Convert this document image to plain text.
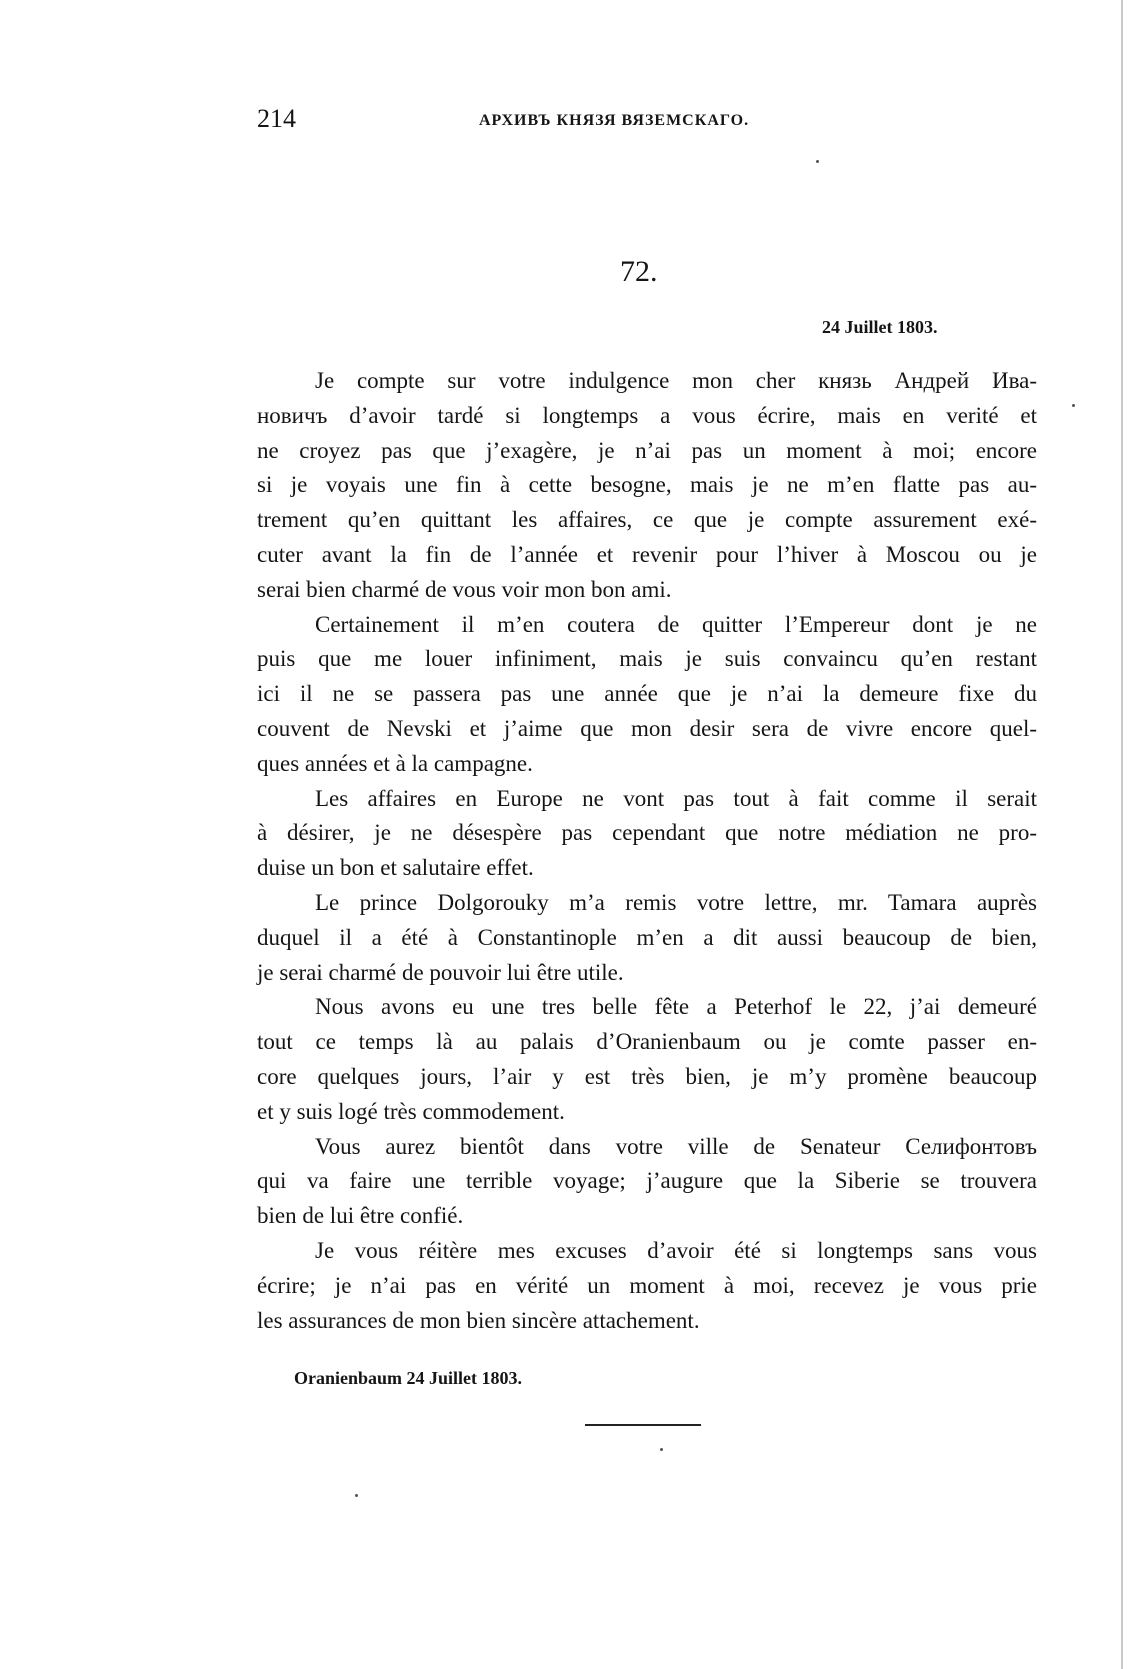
214	АРХИВЪ КНЯЗЯ ВЯЗЕМСКАГО.
72.
24 Juillet 1803.
Je compte sur votre indulgence mon cher князь Андрей Ива-
новичъ d’avoir tardé si longtemps a vous écrire, mais en verité et
ne croyez pas que j’exagère, je n’ai pas un moment à moi; encore
si je voyais une fin à cette besogne, mais je ne m’en flatte pas au-
trement qu’en quittant les affaires, ce que je compte assurement exé-
cuter avant la fin de l’année et revenir pour l’hiver à Moscou ou je
serai bien charmé de vous voir mon bon ami.
Certainement il m’en coutera de quitter l’Empereur dont je ne
puis que me louer infiniment, mais je suis convaincu qu’en restant
ici il ne se passera pas une année que je n’ai la demeure fixe du
couvent de Nevski et j’aime que mon desir sera de vivre encore quel-
ques années et à la campagne.
Les affaires en Europe ne vont pas tout à fait comme il serait
à désirer, je ne désespère pas cependant que notre médiation ne pro-
duise un bon et salutaire effet.
Le prince Dolgorouky m’a remis votre lettre, mr. Tamara auprès
duquel il a été à Constantinople m’en a dit aussi beaucoup de bien,
je serai charmé de pouvoir lui être utile.
Nous avons eu une tres belle fête a Peterhof le 22, j’ai demeuré
tout ce temps là au palais d’Oranienbaum ou je comte passer en-
core quelques jours, l’air y est très bien, je m’y promène beaucoup
et y suis logé très commodement.
Vous aurez bientôt dans votre ville de Senateur Селифонтовъ
qui va faire une terrible voyage; j’augure que la Siberie se trouvera
bien de lui être confié.
Je vous réitère mes excuses d’avoir été si longtemps sans vous
écrire; je n’ai pas en vérité un moment à moi, recevez je vous prie
les assurances de mon bien sincère attachement.
Oranienbaum 24 Juillet 1803.
